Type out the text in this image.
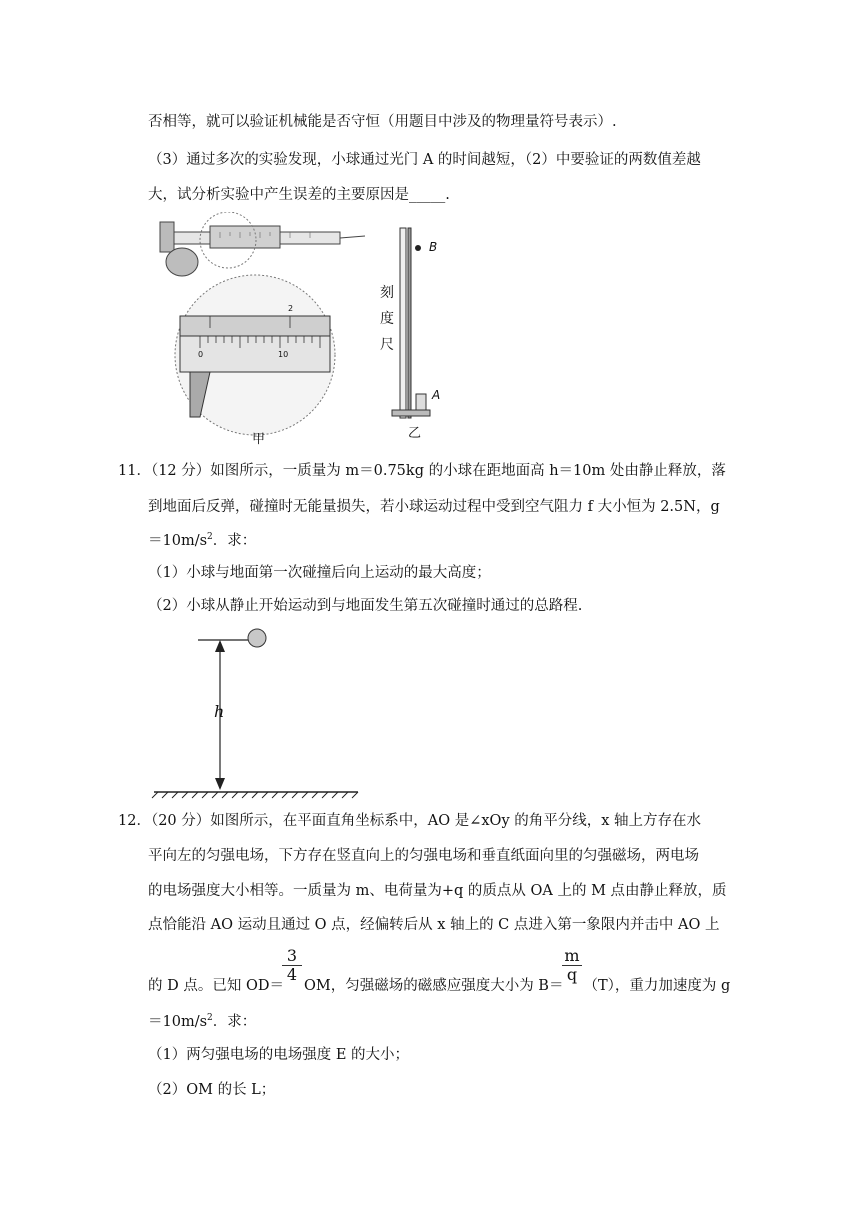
否相等，就可以验证机械能是否守恒（用题目中涉及的物理量符号表示）.
（3）通过多次的实验发现，小球通过光门 A 的时间越短，（2）中要验证的两数值差越
大，试分析实验中产生误差的主要原因是_____.
B
A
刻
度
尺
0	10
2
甲	乙
11．（12 分）如图所示，一质量为 m＝0.75kg 的小球在距地面高 h＝10m 处由静止释放，落
到地面后反弹，碰撞时无能量损失，若小球运动过程中受到空气阻力 f 大小恒为 2.5N，g
$=10m/s^2$．求：
（1）小球与地面第一次碰撞后向上运动的最大高度；
（2）小球从静止开始运动到与地面发生第五次碰撞时通过的总路程.
h
12．（20 分）如图所示，在平面直角坐标系中，AO 是∠xOy 的角平分线，x 轴上方存在水
平向左的匀强电场，下方存在竖直向上的匀强电场和垂直纸面向里的匀强磁场，两电场
的电场强度大小相等。一质量为 m、电荷量为+q 的质点从 OA 上的 M 点由静止释放，质
点恰能沿 AO 运动且通过 O 点，经偏转后从 x 轴上的 C 点进入第一象限内并击中 AO 上
的 D 点。已知 OD＝ OM，匀强磁场的磁感应强度大小为 B＝ （T），重力加速度为 g
$\frac{3}{4}$	$\frac{m}{q}$
$=10m/s^2$．求：
（1）两匀强电场的电场强度 E 的大小；
（2）OM 的长 L；
